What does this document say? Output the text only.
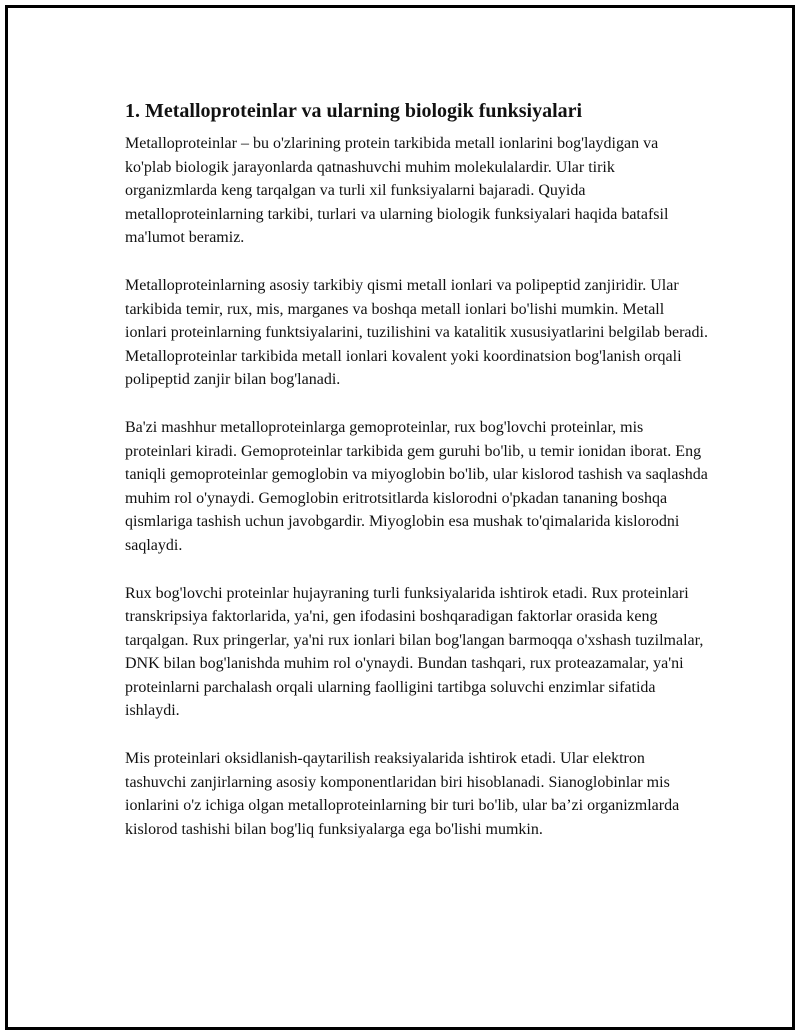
1. Metalloproteinlar va ularning biologik funksiyalari

Metalloproteinlar – bu o'zlarining protein tarkibida metall ionlarini bog'laydigan va ko'plab biologik jarayonlarda qatnashuvchi muhim molekulalardir. Ular tirik organizmlarda keng tarqalgan va turli xil funksiyalarni bajaradi. Quyida metalloproteinlarning tarkibi, turlari va ularning biologik funksiyalari haqida batafsil ma'lumot beramiz.

Metalloproteinlarning asosiy tarkibiy qismi metall ionlari va polipeptid zanjiridir. Ular tarkibida temir, rux, mis, marganes va boshqa metall ionlari bo'lishi mumkin. Metall ionlari proteinlarning funktsiyalarini, tuzilishini va katalitik xususiyatlarini belgilab beradi. Metalloproteinlar tarkibida metall ionlari kovalent yoki koordinatsion bog'lanish orqali polipeptid zanjir bilan bog'lanadi.

Ba'zi mashhur metalloproteinlarga gemoproteinlar, rux bog'lovchi proteinlar, mis proteinlari kiradi. Gemoproteinlar tarkibida gem guruhi bo'lib, u temir ionidan iborat. Eng taniqli gemoproteinlar gemoglobin va miyoglobin bo'lib, ular kislorod tashish va saqlashda muhim rol o'ynaydi. Gemoglobin eritrotsitlarda kislorodni o'pkadan tananing boshqa qismlariga tashish uchun javobgardir. Miyoglobin esa mushak to'qimalarida kislorodni saqlaydi.

Rux bog'lovchi proteinlar hujayraning turli funksiyalarida ishtirok etadi. Rux proteinlari transkripsiya faktorlarida, ya'ni, gen ifodasini boshqaradigan faktorlar orasida keng tarqalgan. Rux pringerlar, ya'ni rux ionlari bilan bog'langan barmoqqa o'xshash tuzilmalar, DNK bilan bog'lanishda muhim rol o'ynaydi. Bundan tashqari, rux proteazamalar, ya'ni proteinlarni parchalash orqali ularning faolligini tartibga soluvchi enzimlar sifatida ishlaydi.

Mis proteinlari oksidlanish-qaytarilish reaksiyalarida ishtirok etadi. Ular elektron tashuvchi zanjirlarning asosiy komponentlaridan biri hisoblanadi. Sianoglobinlar mis ionlarini o'z ichiga olgan metalloproteinlarning bir turi bo'lib, ular ba’zi organizmlarda kislorod tashishi bilan bog'liq funksiyalarga ega bo'lishi mumkin.
